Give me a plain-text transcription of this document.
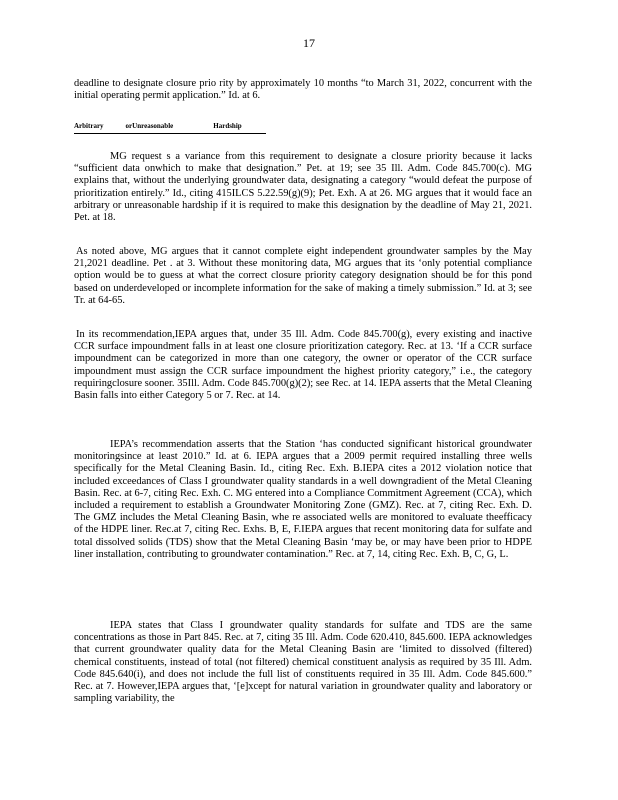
17

deadline to designate closure prio rity by approximately 10 months “to March 31, 2022, concurrent with the initial operating permit application.” Id. at 6.

Arbitrary	orUnreasonable	Hardship

MG request s a variance from this requirement to designate a closure priority because it lacks “sufficient data onwhich to make that designation.” Pet. at 19; see 35 Ill. Adm. Code 845.700(c). MG explains that, without the underlying groundwater data, designating a category “would defeat the purpose of prioritization entirely.” Id., citing 415ILCS 5.22.59(g)(9); Pet. Exh. A at 26. MG argues that it would face an arbitrary or unreasonable hardship if it is required to make this designation by the deadline of May 21, 2021. Pet. at 18.

As noted above, MG argues that it cannot complete eight independent groundwater samples by the May 21,2021 deadline. Pet . at 3. Without these monitoring data, MG argues that its ‘only potential compliance option would be to guess at what the correct closure priority category designation should be for this pond based on underdeveloped or incomplete information for the sake of making a timely submission.” Id. at 3; see Tr. at 64-65.

In its recommendation,IEPA argues that, under 35 Ill. Adm. Code 845.700(g), every existing and inactive CCR surface impoundment falls in at least one closure prioritization category. Rec. at 13. ‘If a CCR surface impoundment can be categorized in more than one category, the owner or operator of the CCR surface impoundment must assign the CCR surface impoundment the highest priority category,” i.e., the category requiringclosure sooner. 35Ill. Adm. Code 845.700(g)(2); see Rec. at 14. IEPA asserts that the Metal Cleaning Basin falls into either Category 5 or 7. Rec. at 14.

IEPA’s recommendation asserts that the Station ‘has conducted significant historical groundwater monitoringsince at least 2010.” Id. at 6. IEPA argues that a 2009 permit required installing three wells specifically for the Metal Cleaning Basin. Id., citing Rec. Exh. B.IEPA cites a 2012 violation notice that included exceedances of Class I groundwater quality standards in a well downgradient of the Metal Cleaning Basin. Rec. at 6-7, citing Rec. Exh. C. MG entered into a Compliance Commitment Agreement (CCA), which included a requirement to establish a Groundwater Monitoring Zone (GMZ). Rec. at 7, citing Rec. Exh. D. The GMZ includes the Metal Cleaning Basin, whe re associated wells are monitored to evaluate theefficacy of the HDPE liner. Rec.at 7, citing Rec. Exhs. B, E, F.IEPA argues that recent monitoring data for sulfate and total dissolved solids (TDS) show that the Metal Cleaning Basin ‘may be, or may have been prior to HDPE liner installation, contributing to groundwater contamination.” Rec. at 7, 14, citing Rec. Exh. B, C, G, L.

IEPA states that Class I groundwater quality standards for sulfate and TDS are the same concentrations as those in Part 845. Rec. at 7, citing 35 Ill. Adm. Code 620.410, 845.600. IEPA acknowledges that current groundwater quality data for the Metal Cleaning Basin are ‘limited to dissolved (filtered) chemical constituents, instead of total (not filtered) chemical constituent analysis as required by 35 Ill. Adm. Code 845.640(i), and does not include the full list of constituents required in 35 Ill. Adm. Code 845.600.” Rec. at 7. However,IEPA argues that, ‘[e]xcept for natural variation in groundwater quality and laboratory or sampling variability, the
